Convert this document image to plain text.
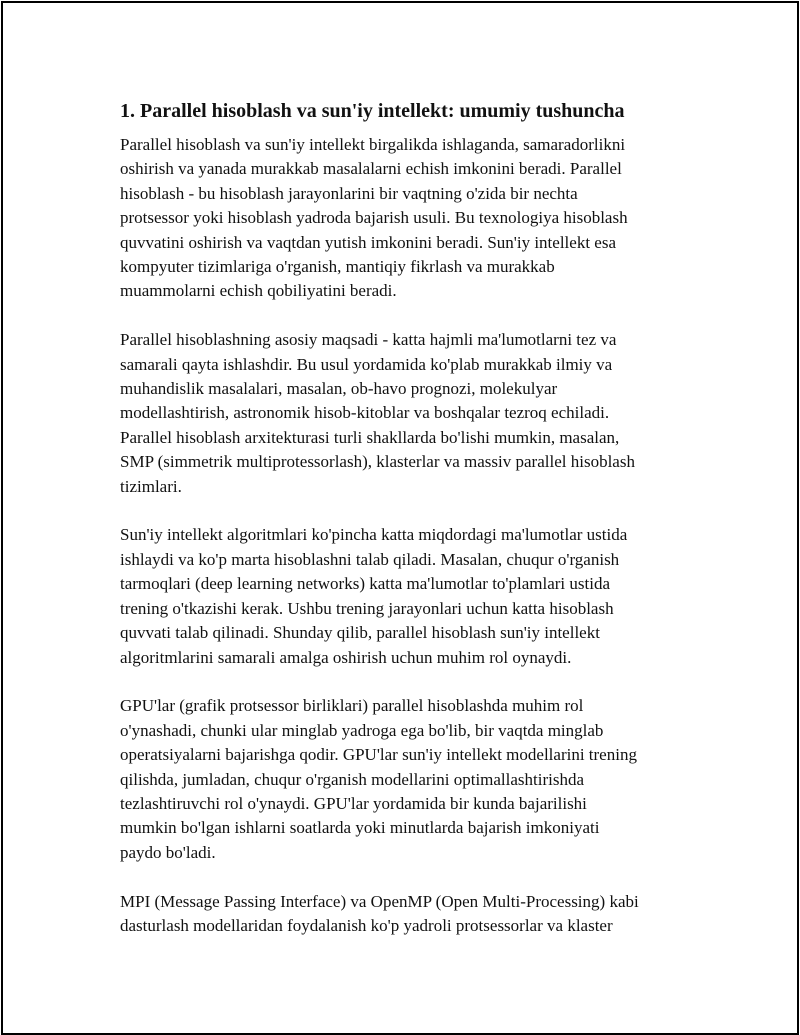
1. Parallel hisoblash va sun'iy intellekt: umumiy tushuncha
Parallel hisoblash va sun'iy intellekt birgalikda ishlaganda, samaradorlikni
oshirish va yanada murakkab masalalarni echish imkonini beradi. Parallel
hisoblash - bu hisoblash jarayonlarini bir vaqtning o'zida bir nechta
protsessor yoki hisoblash yadroda bajarish usuli. Bu texnologiya hisoblash
quvvatini oshirish va vaqtdan yutish imkonini beradi. Sun'iy intellekt esa
kompyuter tizimlariga o'rganish, mantiqiy fikrlash va murakkab
muammolarni echish qobiliyatini beradi.
Parallel hisoblashning asosiy maqsadi - katta hajmli ma'lumotlarni tez va
samarali qayta ishlashdir. Bu usul yordamida ko'plab murakkab ilmiy va
muhandislik masalalari, masalan, ob-havo prognozi, molekulyar
modellashtirish, astronomik hisob-kitoblar va boshqalar tezroq echiladi.
Parallel hisoblash arxitekturasi turli shakllarda bo'lishi mumkin, masalan,
SMP (simmetrik multiprotessorlash), klasterlar va massiv parallel hisoblash
tizimlari.
Sun'iy intellekt algoritmlari ko'pincha katta miqdordagi ma'lumotlar ustida
ishlaydi va ko'p marta hisoblashni talab qiladi. Masalan, chuqur o'rganish
tarmoqlari (deep learning networks) katta ma'lumotlar to'plamlari ustida
trening o'tkazishi kerak. Ushbu trening jarayonlari uchun katta hisoblash
quvvati talab qilinadi. Shunday qilib, parallel hisoblash sun'iy intellekt
algoritmlarini samarali amalga oshirish uchun muhim rol oynaydi.
GPU'lar (grafik protsessor birliklari) parallel hisoblashda muhim rol
o'ynashadi, chunki ular minglab yadroga ega bo'lib, bir vaqtda minglab
operatsiyalarni bajarishga qodir. GPU'lar sun'iy intellekt modellarini trening
qilishda, jumladan, chuqur o'rganish modellarini optimallashtirishda
tezlashtiruvchi rol o'ynaydi. GPU'lar yordamida bir kunda bajarilishi
mumkin bo'lgan ishlarni soatlarda yoki minutlarda bajarish imkoniyati
paydo bo'ladi.
MPI (Message Passing Interface) va OpenMP (Open Multi-Processing) kabi
dasturlash modellaridan foydalanish ko'p yadroli protsessorlar va klaster
